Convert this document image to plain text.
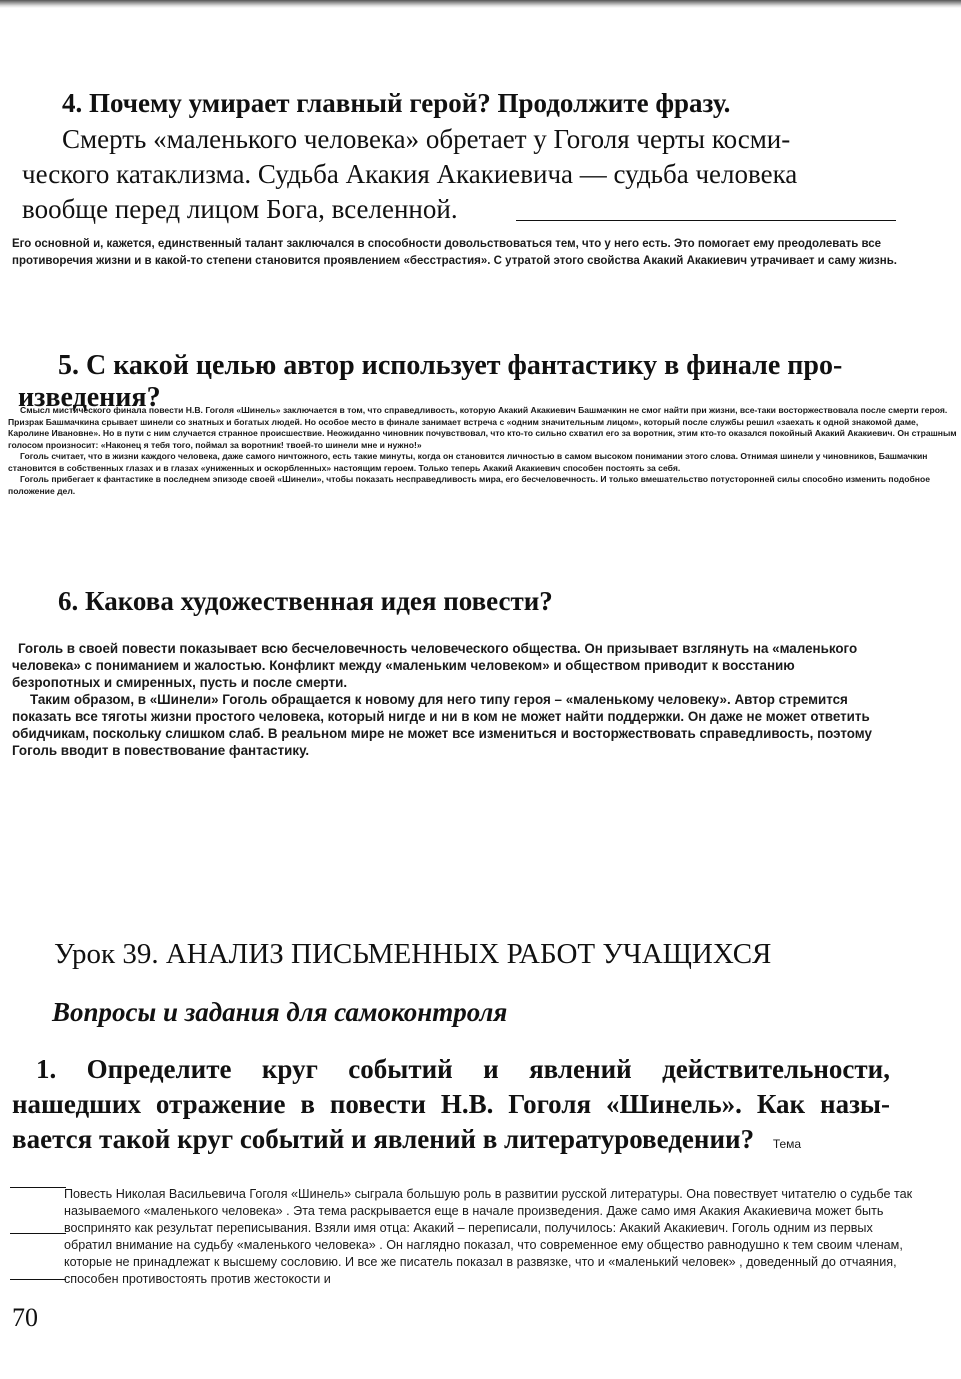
4. Почему умирает главный герой? Продолжите фразу.
Смерть «маленького человека» обретает у Гоголя черты косми-
ческого катаклизма. Судьба Акакия Акакиевича — судьба человека
вообще перед лицом Бога, вселенной.

Его основной и, кажется, единственный талант заключался в способности довольствоваться тем, что у него есть. Это помогает ему преодолевать все противоречия жизни и в какой-то степени становится проявлением «бесстрастия». С утратой этого свойства Акакий Акакиевич утрачивает и саму жизнь.

5. С какой целью автор использует фантастику в финале про-
изведения?

Смысл мистического финала повести Н.В. Гоголя «Шинель» заключается в том, что справедливость, которую Акакий Акакиевич Башмачкин не смог найти при жизни, все-таки восторжествовала после смерти героя. Призрак Башмачкина срывает шинели со знатных и богатых людей. Но особое место в финале занимает встреча с «одним значительным лицом», который после службы решил «заехать к одной знакомой даме, Каролине Ивановне». Но в пути с ним случается странное происшествие. Неожиданно чиновник почувствовал, что кто-то сильно схватил его за воротник, этим кто-то оказался покойный Акакий Акакиевич. Он страшным голосом произносит: «Наконец я тебя того, поймал за воротник! твоей-то шинели мне и нужно!»

Гоголь считает, что в жизни каждого человека, даже самого ничтожного, есть такие минуты, когда он становится личностью в самом высоком понимании этого слова. Отнимая шинели у чиновников, Башмачкин становится в собственных глазах и в глазах «униженных и оскорбленных» настоящим героем. Только теперь Акакий Акакиевич способен постоять за себя.

Гоголь прибегает к фантастике в последнем эпизоде своей «Шинели», чтобы показать несправедливость мира, его бесчеловечность. И только вмешательство потусторонней силы способно изменить подобное положение дел.

6. Какова художественная идея повести?

Гоголь в своей повести показывает всю бесчеловечность человеческого общества. Он призывает взглянуть на «маленького человека» с пониманием и жалостью. Конфликт между «маленьким человеком» и обществом приводит к восстанию безропотных и смиренных, пусть и после смерти.

Таким образом, в «Шинели» Гоголь обращается к новому для него типу героя – «маленькому человеку». Автор стремится показать все тяготы жизни простого человека, который нигде и ни в ком не может найти поддержки. Он даже не может ответить обидчикам, поскольку слишком слаб. В реальном мире не может все измениться и восторжествовать справедливость, поэтому Гоголь вводит в повествование фантастику.

Урок 39. АНАЛИЗ ПИСЬМЕННЫХ РАБОТ УЧАЩИХСЯ
Вопросы и задания для самоконтроля
1. Определите круг событий и явлений действительности,
нашедших отражение в повести Н.В. Гоголя «Шинель». Как назы-
вается такой круг событий и явлений в литературоведении? Тема

Повесть Николая Васильевича Гоголя «Шинель» сыграла большую роль в развитии русской литературы. Она повествует читателю о судьбе так называемого «маленького человека» . Эта тема раскрывается еще в начале произведения. Даже само имя Акакия Акакиевича может быть воспринято как результат переписывания. Взяли имя отца: Акакий – переписали, получилось: Акакий Акакиевич. Гоголь одним из первых обратил внимание на судьбу «маленького человека» . Он наглядно показал, что современное ему общество равнодушно к тем своим членам, которые не принадлежат к высшему сословию. И все же писатель показал в развязке, что и «маленький человек» , доведенный до отчаяния, способен противостоять против жестокости и

70
